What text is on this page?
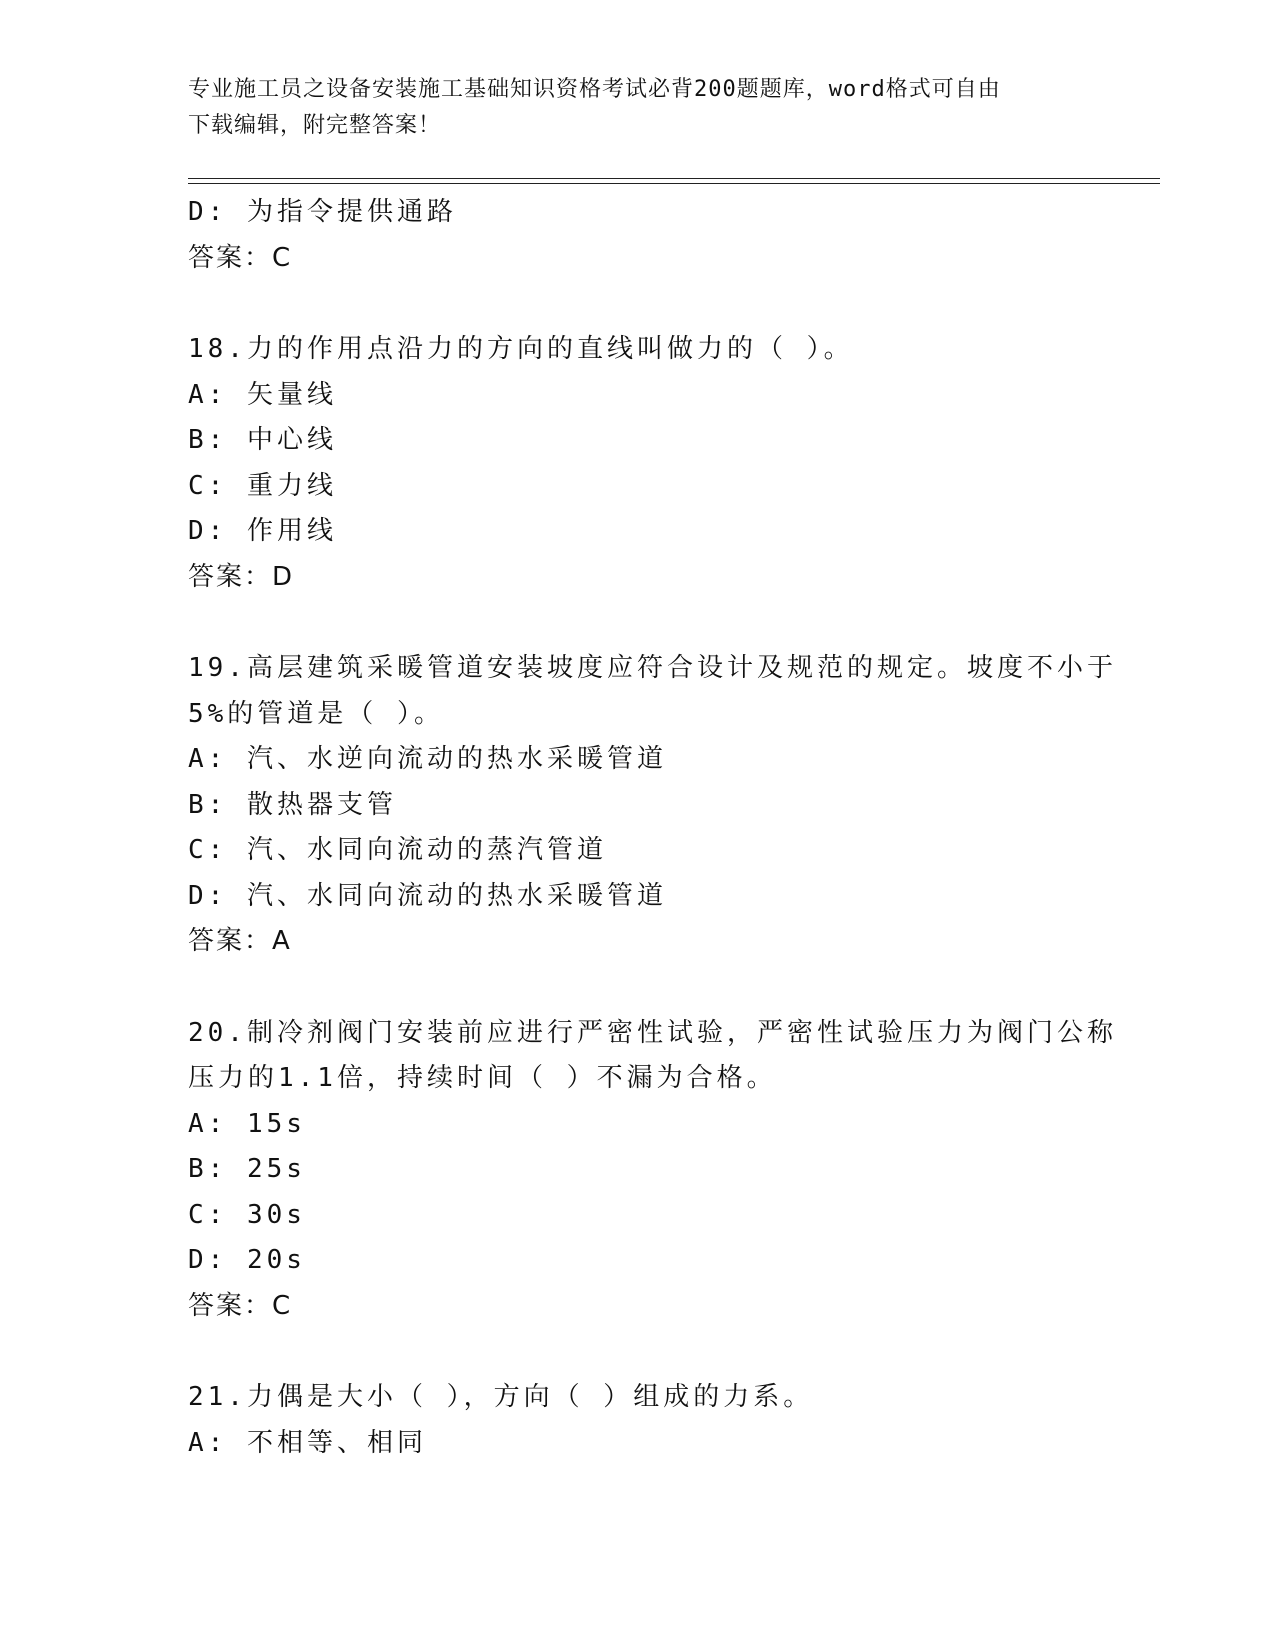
专业施工员之设备安装施工基础知识资格考试必背200题题库，word格式可自由
下载编辑，附完整答案！
D: 为指令提供通路
答案：C
18.力的作用点沿力的方向的直线叫做力的（ ）。
A: 矢量线
B: 中心线
C: 重力线
D: 作用线
答案：D
19.高层建筑采暖管道安装坡度应符合设计及规范的规定。坡度不小于
5%的管道是（ ）。
A: 汽、水逆向流动的热水采暖管道
B: 散热器支管
C: 汽、水同向流动的蒸汽管道
D: 汽、水同向流动的热水采暖管道
答案：A
20.制冷剂阀门安装前应进行严密性试验，严密性试验压力为阀门公称
压力的1.1倍，持续时间（ ）不漏为合格。
A: 15s
B: 25s
C: 30s
D: 20s
答案：C
21.力偶是大小（ ），方向（ ）组成的力系。
A: 不相等、相同
